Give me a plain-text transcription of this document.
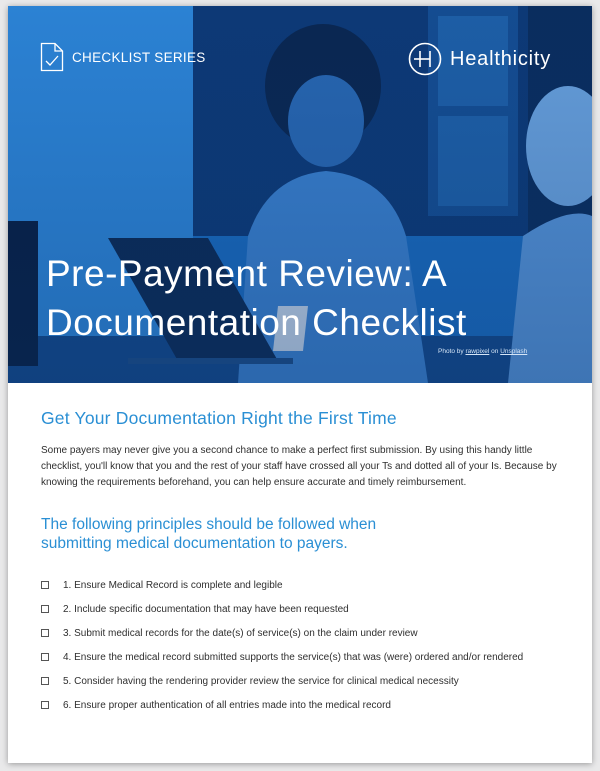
CHECKLIST SERIES	Healthicity
Pre-Payment Review: A
Documentation Checklist
Photo by rawpixel on Unsplash
Get Your Documentation Right the First Time

Some payers may never give you a second chance to make a perfect first submission. By using this handy little checklist, you'll know that you and the rest of your staff have crossed all your Ts and dotted all of your Is. Because by knowing the requirements beforehand, you can help ensure accurate and timely reimbursement.

The following principles should be followed when submitting medical documentation to payers.
1. Ensure Medical Record is complete and legible
2. Include specific documentation that may have been requested
3. Submit medical records for the date(s) of service(s) on the claim under review
4. Ensure the medical record submitted supports the service(s) that was (were) ordered and/or rendered
5. Consider having the rendering provider review the service for clinical medical necessity
6. Ensure proper authentication of all entries made into the medical record
